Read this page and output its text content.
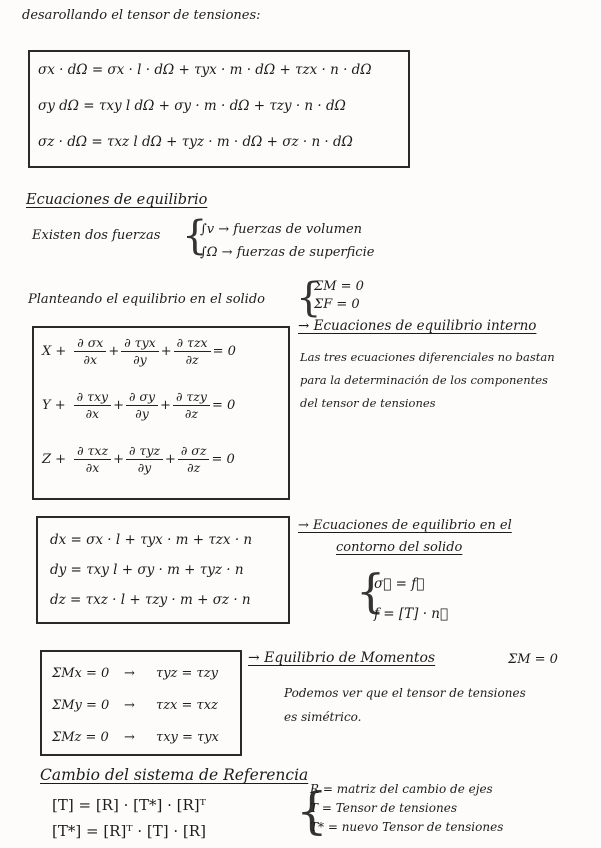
desarollando el tensor de tensiones:
σx · dΩ = σx · l · dΩ + τyx · m · dΩ + τzx · n · dΩ
σy dΩ = τxy l dΩ + σy · m · dΩ + τzy · n · dΩ
σz · dΩ = τxz l dΩ + τyz · m · dΩ + σz · n · dΩ
Ecuaciones de equilibrio
Existen dos fuerzas {
∫v → fuerzas de volumen
∫Ω → fuerzas de superficie
Planteando el equilibrio en el solido {
ΣM = 0
ΣF = 0
$X + \frac{\partial \sigma x}{\partial x} + \frac{\text{∂ τyx}}{\partial y} + \frac{\text{∂ τzx}}{\partial z} = 0$
$Y + \frac{\text{∂ τxy}}{\partial x} + \frac{\partial \sigma y}{\partial y} + \frac{\text{∂ τzy}}{\partial z} = 0$
$Z + \frac{\text{∂ τxz}}{\partial x} + \frac{\text{∂ τyz}}{\partial y} + \frac{\partial \sigma z}{\partial z} = 0$
→ Ecuaciones de equilibrio interno
Las tres ecuaciones diferenciales no bastan
para la determinación de los componentes
del tensor de tensiones
dx = σx · l + τyx · m + τzx · n
dy = τxy l + σy · m + τyz · n
dz = τxz · l + τzy · m + σz · n
→ Ecuaciones de equilibrio en el
contorno del solido
{
σ⃗ = f⃗
f = [T] · n⃗
ΣMx = 0 → τyz = τzy
ΣMy = 0 → τzx = τxz
ΣMz = 0 → τxy = τyx
→ Equilibrio de Momentos	ΣM = 0
Podemos ver que el tensor de tensiones
es simétrico.
Cambio del sistema de Referencia
[T] = [R] · [T*] · [R]ᵀ
[T*] = [R]ᵀ · [T] · [R] {
R = matriz del cambio de ejes
T = Tensor de tensiones
T* = nuevo Tensor de tensiones
